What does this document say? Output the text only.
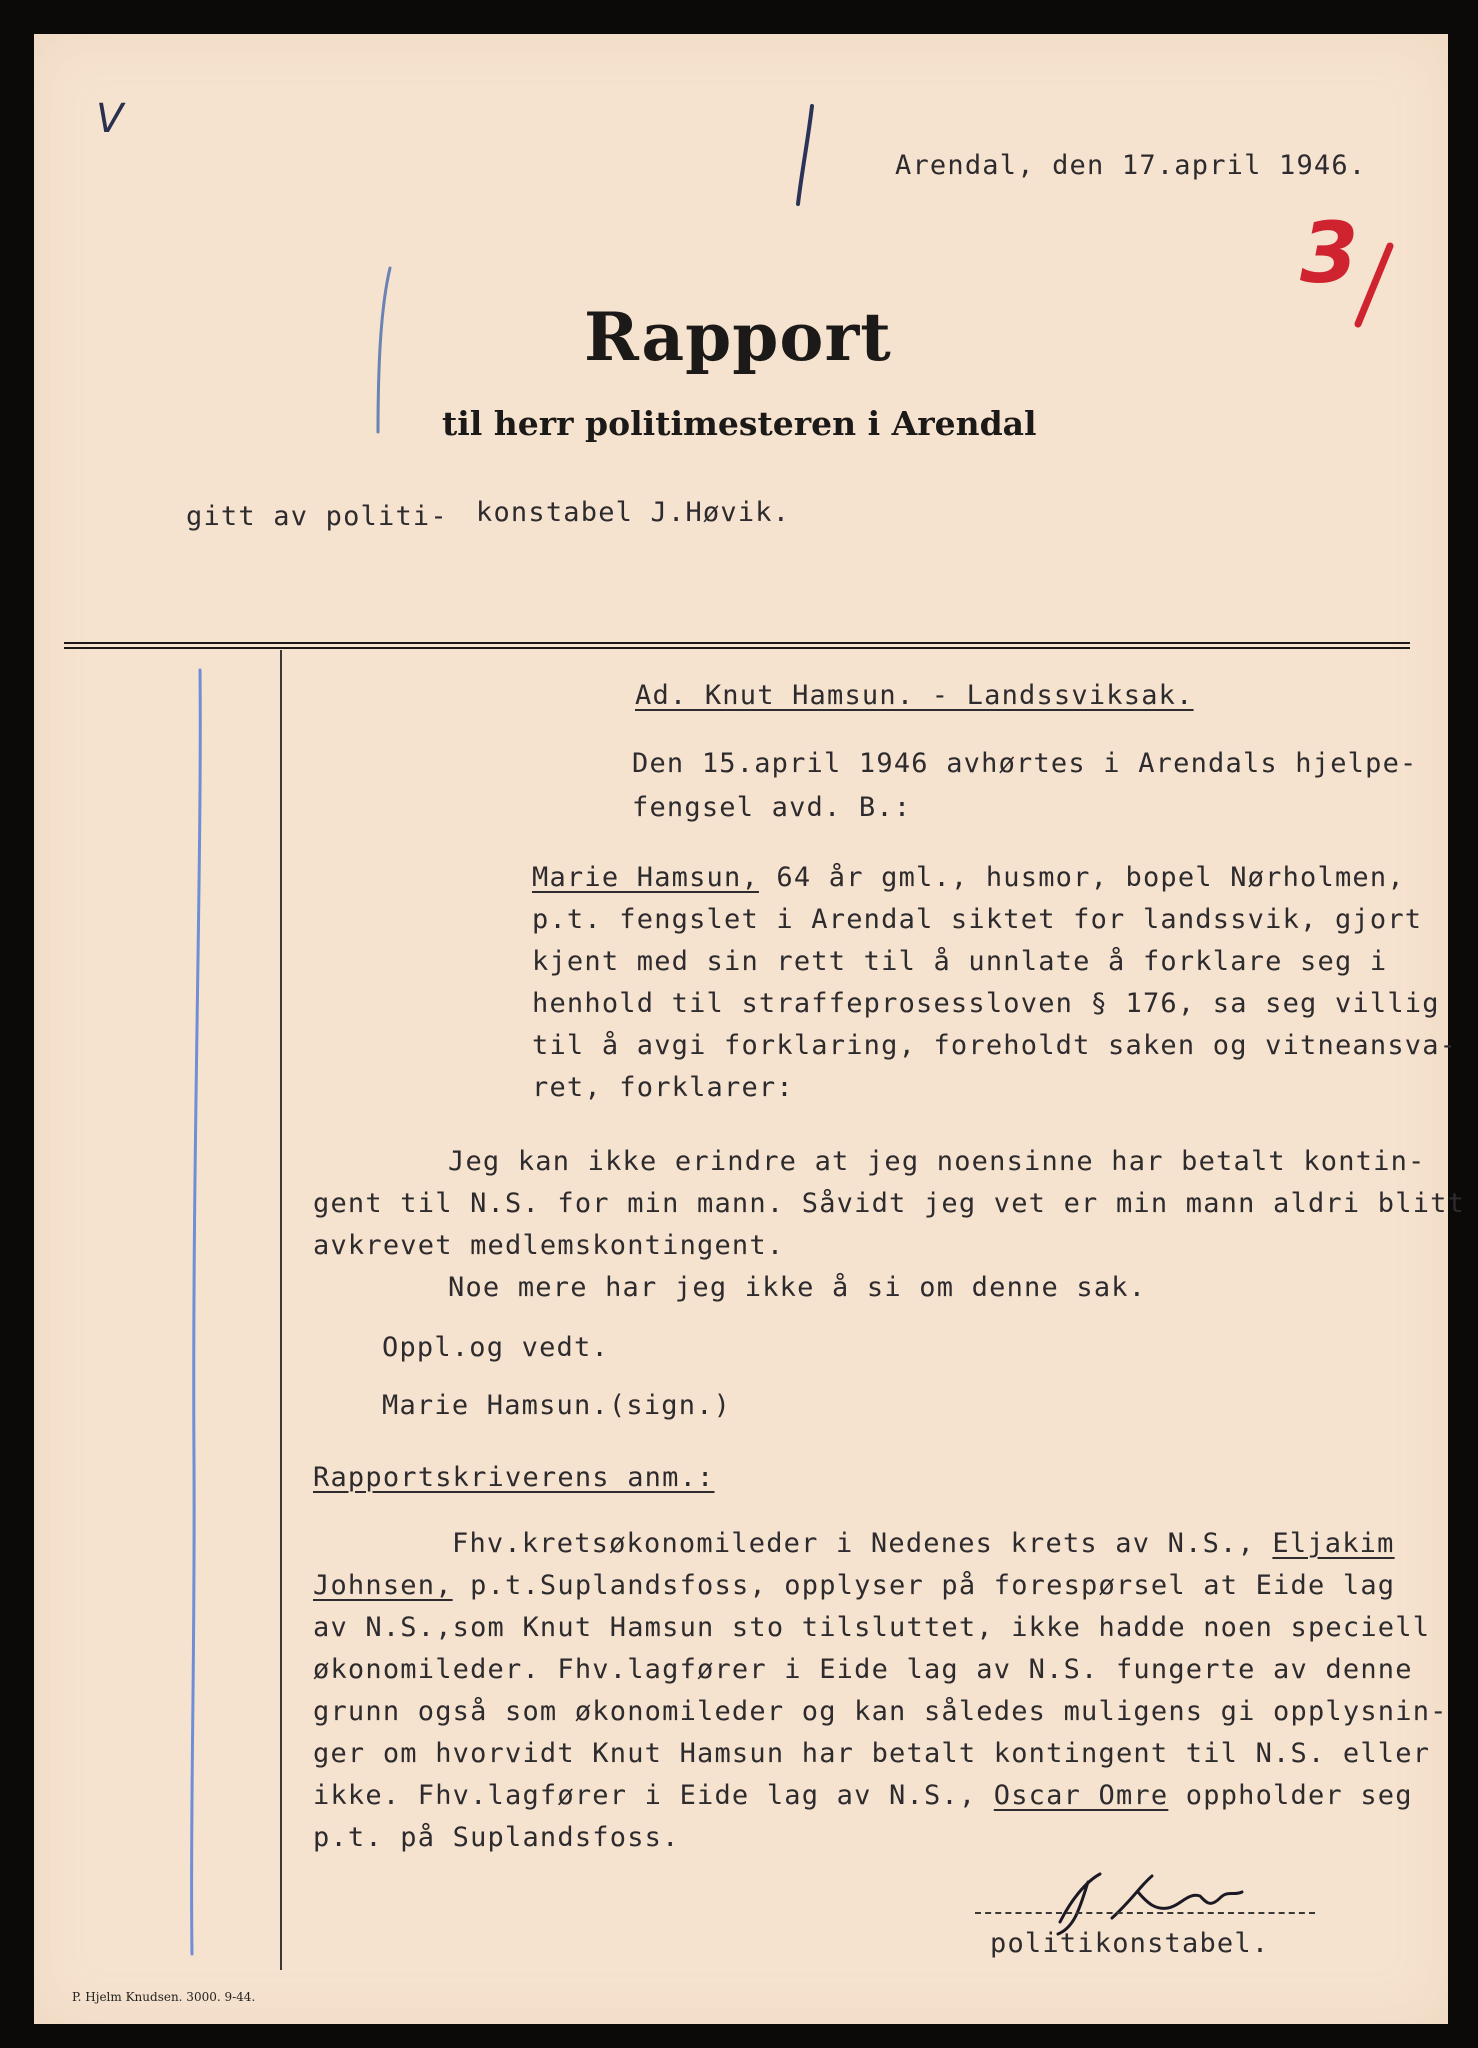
V
3
Arendal, den 17.april 1946.
Rapport
til herr politimesteren i Arendal
gitt av politi- konstabel J.Høvik.
Ad. Knut Hamsun. - Landssviksak.
Den 15.april 1946 avhørtes i Arendals hjelpe-
fengsel avd. B.:
Marie Hamsun, 64 år gml., husmor, bopel Nørholmen,
p.t. fengslet i Arendal siktet for landssvik, gjort
kjent med sin rett til å unnlate å forklare seg i
henhold til straffeprosessloven § 176, sa seg villig
til å avgi forklaring, foreholdt saken og vitneansva-
ret, forklarer:
Jeg kan ikke erindre at jeg noensinne har betalt kontin-
gent til N.S. for min mann. Såvidt jeg vet er min mann aldri blitt
avkrevet medlemskontingent.
Noe mere har jeg ikke å si om denne sak.
Oppl.og vedt.
Marie Hamsun.(sign.)
Rapportskriverens anm.:
Fhv.kretsøkonomileder i Nedenes krets av N.S., Eljakim
Johnsen, p.t.Suplandsfoss, opplyser på forespørsel at Eide lag
av N.S.,som Knut Hamsun sto tilsluttet, ikke hadde noen speciell
økonomileder. Fhv.lagfører i Eide lag av N.S. fungerte av denne
grunn også som økonomileder og kan således muligens gi opplysnin-
ger om hvorvidt Knut Hamsun har betalt kontingent til N.S. eller
ikke. Fhv.lagfører i Eide lag av N.S., Oscar Omre oppholder seg
p.t. på Suplandsfoss.
politikonstabel.
P. Hjelm Knudsen. 3000. 9-44.
